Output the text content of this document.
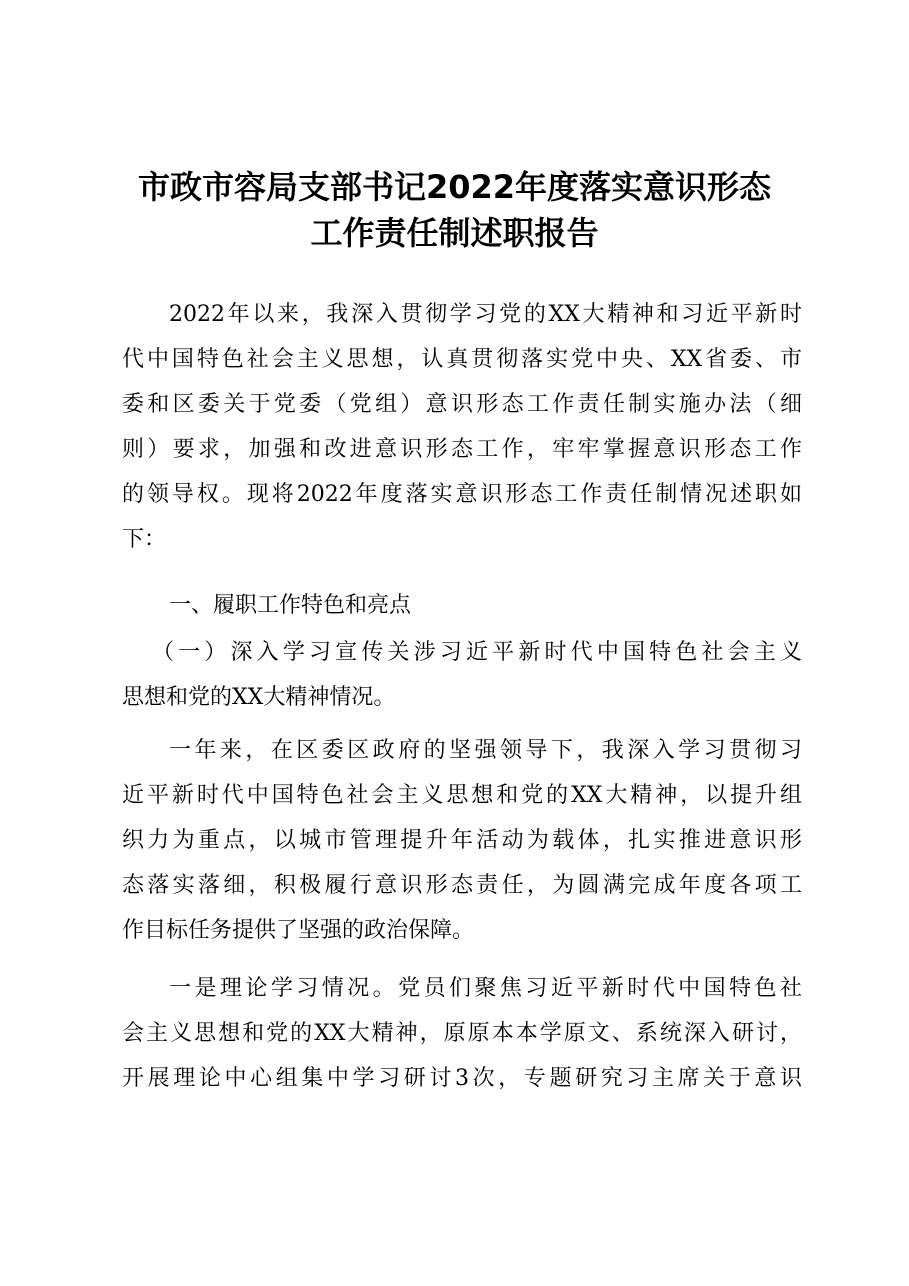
市政市容局支部书记2022年度落实意识形态
工作责任制述职报告
2022年以来，我深入贯彻学习党的XX大精神和习近平新时
代中国特色社会主义思想，认真贯彻落实党中央、XX省委、市
委和区委关于党委（党组）意识形态工作责任制实施办法（细
则）要求，加强和改进意识形态工作，牢牢掌握意识形态工作
的领导权。现将2022年度落实意识形态工作责任制情况述职如
下：
一、履职工作特色和亮点
（一）深入学习宣传关涉习近平新时代中国特色社会主义
思想和党的XX大精神情况。
一年来，在区委区政府的坚强领导下，我深入学习贯彻习
近平新时代中国特色社会主义思想和党的XX大精神，以提升组
织力为重点，以城市管理提升年活动为载体，扎实推进意识形
态落实落细，积极履行意识形态责任，为圆满完成年度各项工
作目标任务提供了坚强的政治保障。
一是理论学习情况。党员们聚焦习近平新时代中国特色社
会主义思想和党的XX大精神，原原本本学原文、系统深入研讨，
开展理论中心组集中学习研讨3次，专题研究习主席关于意识
